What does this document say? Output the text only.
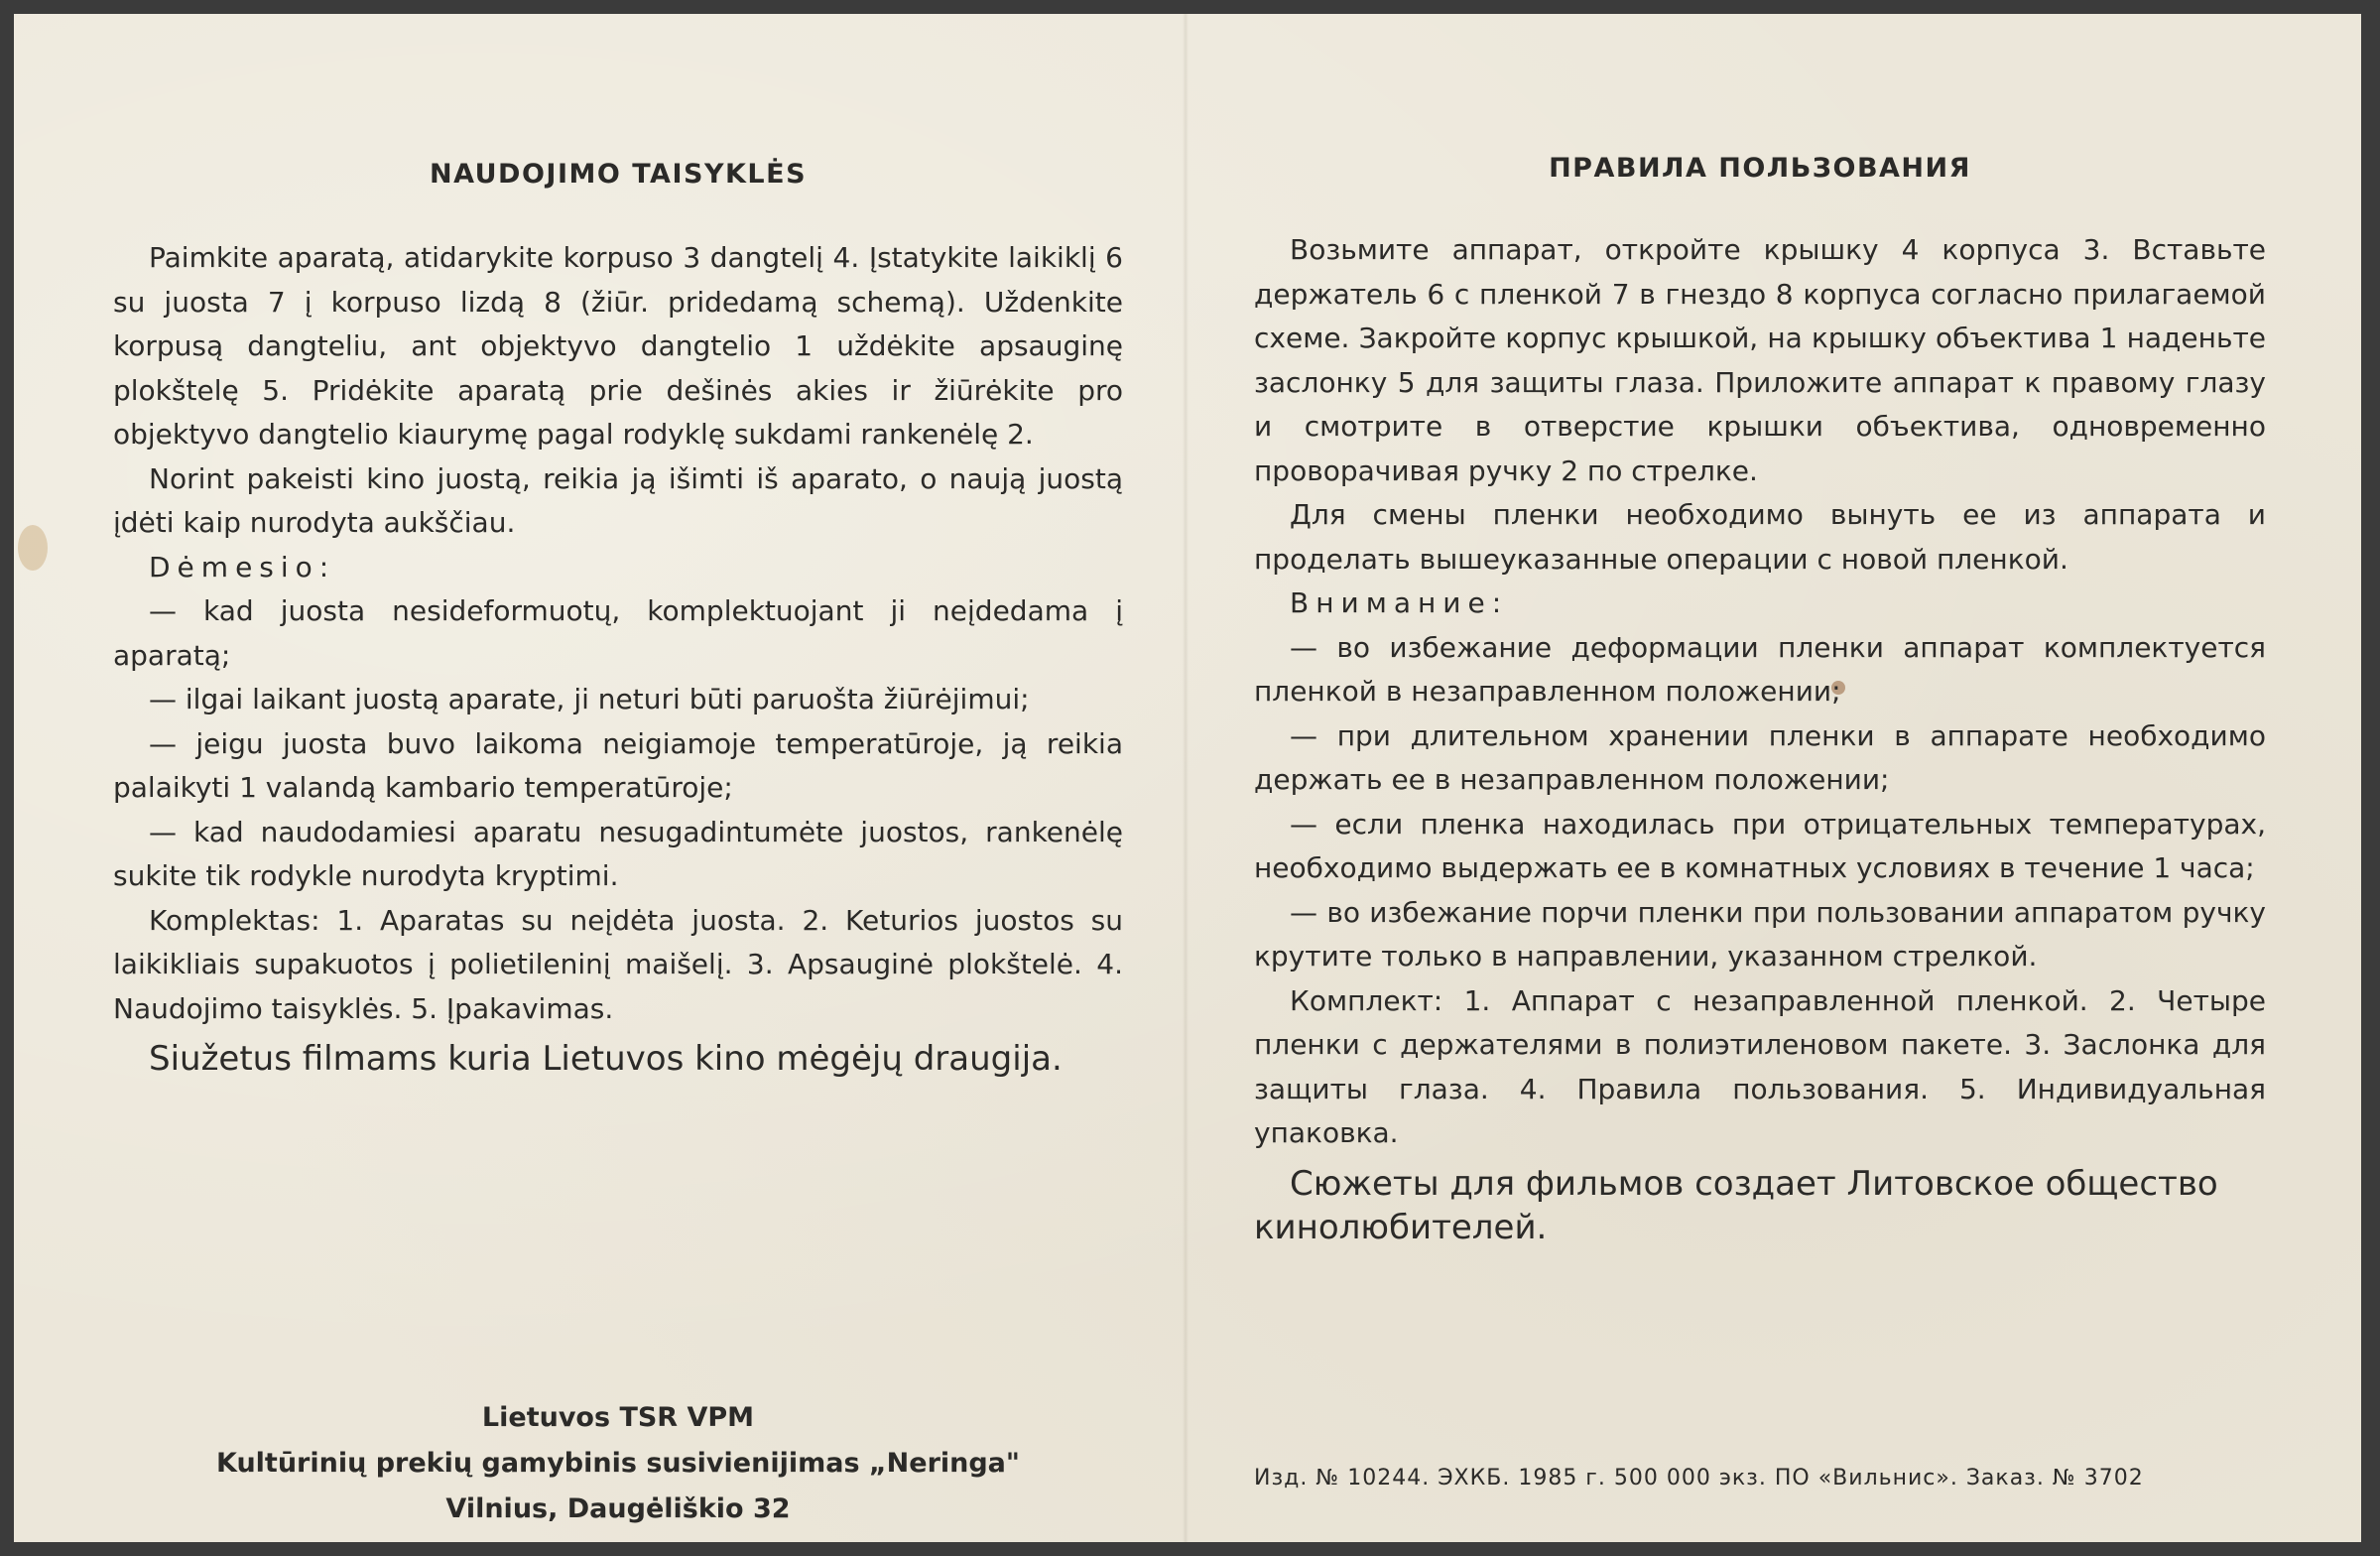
NAUDOJIMO TAISYKLĖS

Paimkite aparatą, atidarykite korpuso 3 dangtelį 4. Įstatykite laikiklį 6 su juosta 7 į korpuso lizdą 8 (žiūr. pridedamą schemą). Uždenkite korpusą dangteliu, ant objektyvo dangtelio 1 uždėkite apsauginę plokštelę 5. Pridėkite aparatą prie dešinės akies ir žiūrėkite pro objektyvo dangtelio kiaurymę pagal rodyklę sukdami rankenėlę 2.

Norint pakeisti kino juostą, reikia ją išimti iš aparato, o naują juostą įdėti kaip nurodyta aukščiau.

Dėmesio:

— kad juosta nesideformuotų, komplektuojant ji neįdedama į aparatą;

— ilgai laikant juostą aparate, ji neturi būti paruošta žiūrėjimui;

— jeigu juosta buvo laikoma neigiamoje temperatūroje, ją reikia palaikyti 1 valandą kambario temperatūroje;

— kad naudodamiesi aparatu nesugadintumėte juostos, rankenėlę sukite tik rodykle nurodyta kryptimi.

Komplektas: 1. Aparatas su neįdėta juosta. 2. Keturios juostos su laikikliais supakuotos į polietileninį maišelį. 3. Apsauginė plokštelė. 4. Naudojimo taisyklės. 5. Įpakavimas.

Siužetus filmams kuria Lietuvos kino mėgėjų draugija.

Lietuvos TSR VPM
Kultūrinių prekių gamybinis susivienijimas „Neringa"
Vilnius, Daugėliškio 32
ПРАВИЛА ПОЛЬЗОВАНИЯ

Возьмите аппарат, откройте крышку 4 корпуса 3. Вставьте держатель 6 с пленкой 7 в гнездо 8 корпуса согласно прилагаемой схеме. Закройте корпус крышкой, на крышку объектива 1 наденьте заслонку 5 для защиты глаза. Приложите аппарат к правому глазу и смотрите в отверстие крышки объектива, одновременно проворачивая ручку 2 по стрелке.

Для смены пленки необходимо вынуть ее из аппарата и проделать вышеуказанные операции с новой пленкой.

Внимание:

— во избежание деформации пленки аппарат комплектуется пленкой в незаправленном положении;

— при длительном хранении пленки в аппарате необходимо держать ее в незаправленном положении;

— если пленка находилась при отрицательных температурах, необходимо выдержать ее в комнатных условиях в течение 1 часа;

— во избежание порчи пленки при пользовании аппаратом ручку крутите только в направлении, указанном стрелкой.

Комплект: 1. Аппарат с незаправленной пленкой. 2. Четыре пленки с держателями в полиэтиленовом пакете. 3. Заслонка для защиты глаза. 4. Правила пользования. 5. Индивидуальная упаковка.

Сюжеты для фильмов создает Литовское общество кинолюбителей.

Изд. № 10244. ЭХКБ. 1985 г. 500 000 экз. ПО «Вильнис». Заказ. № 3702
